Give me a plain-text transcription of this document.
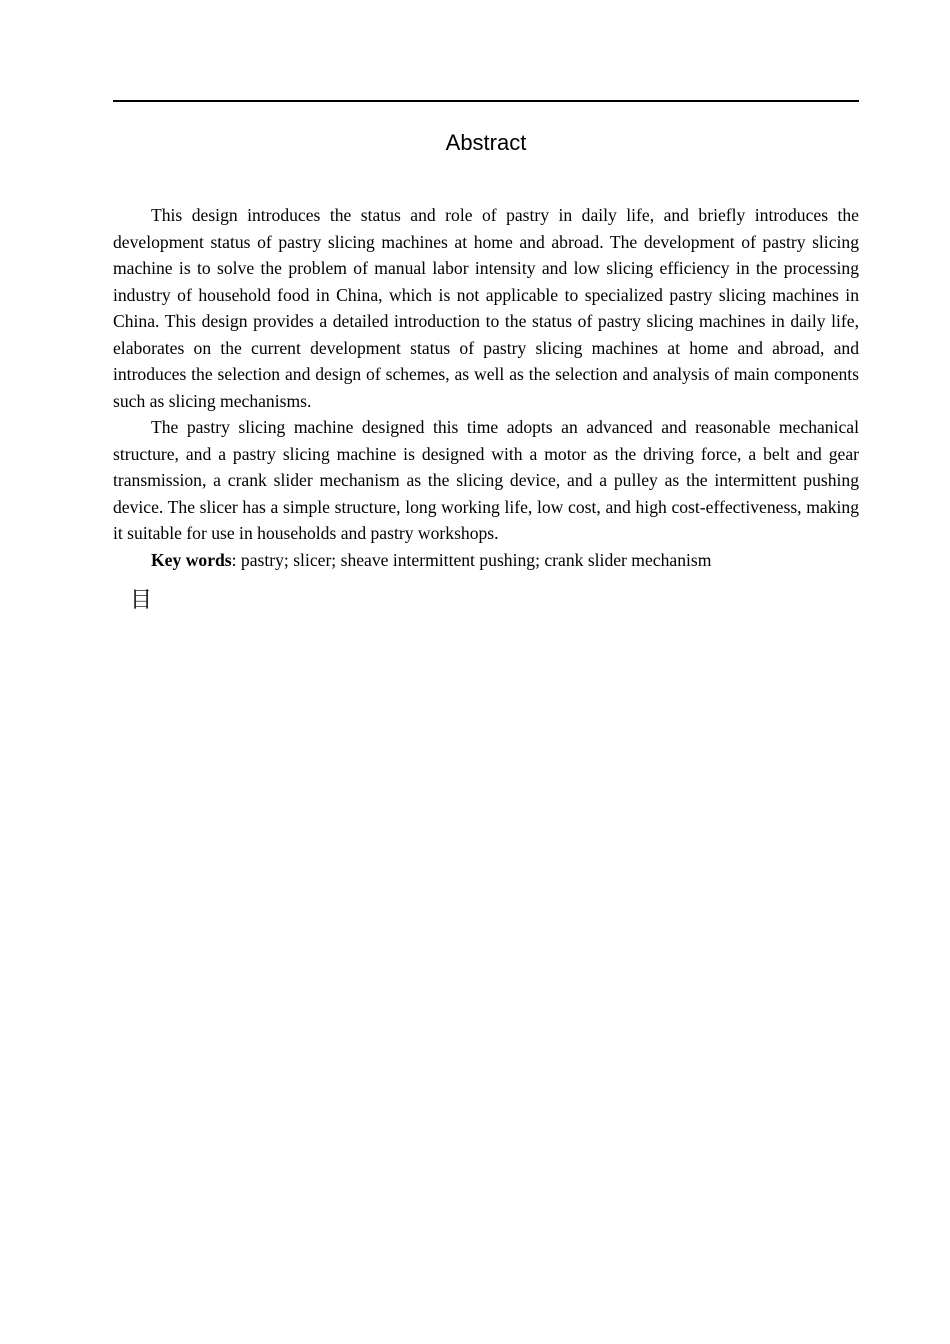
Abstract

This design introduces the status and role of pastry in daily life, and briefly introduces the development status of pastry slicing machines at home and abroad. The development of pastry slicing machine is to solve the problem of manual labor intensity and low slicing efficiency in the processing industry of household food in China, which is not applicable to specialized pastry slicing machines in China. This design provides a detailed introduction to the status of pastry slicing machines in daily life, elaborates on the current development status of pastry slicing machines at home and abroad, and introduces the selection and design of schemes, as well as the selection and analysis of main components such as slicing mechanisms.

The pastry slicing machine designed this time adopts an advanced and reasonable mechanical structure, and a pastry slicing machine is designed with a motor as the driving force, a belt and gear transmission, a crank slider mechanism as the slicing device, and a pulley as the intermittent pushing device. The slicer has a simple structure, long working life, low cost, and high cost-effectiveness, making it suitable for use in households and pastry workshops.

Key words: pastry; slicer; sheave intermittent pushing; crank slider mechanism

目
